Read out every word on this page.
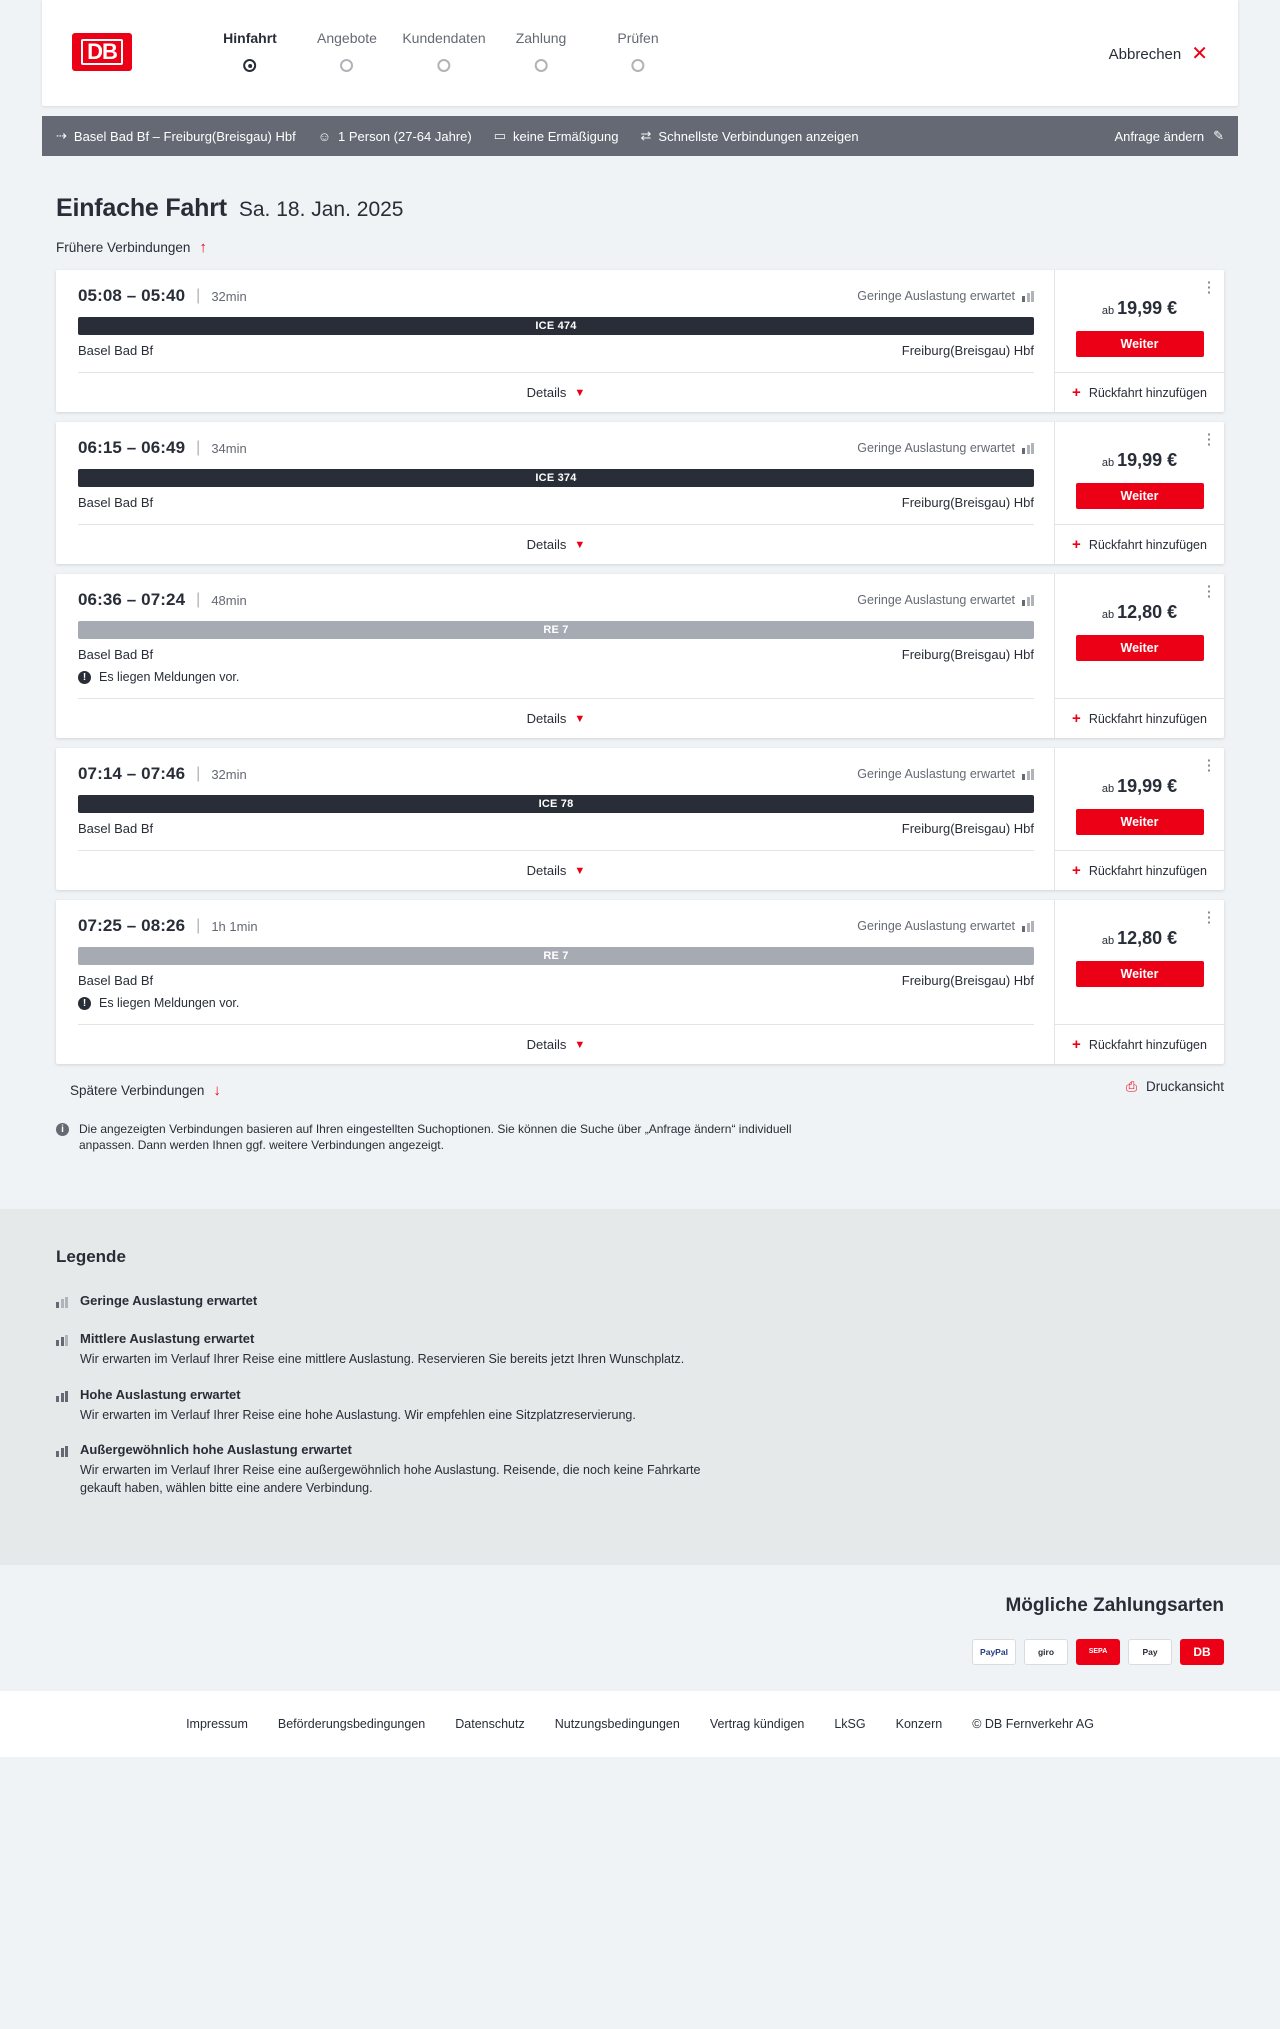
DB
Hinfahrt	Angebote Kundendaten Zahlung	Prüfen
Abbrechen ✕
⇢ Basel Bad Bf – Freiburg(Breisgau) Hbf ☺ 1 Person (27-64 Jahre) ▭ keine Ermäßigung ⇄ Schnellste Verbindungen anzeigen	Anfrage ändern ✎
Einfache Fahrt Sa. 18. Jan. 2025
Frühere Verbindungen ↑
05:08 – 05:40 | 32min	Geringe Auslastung erwartet
ICE 474
Basel Bad Bf	Freiburg(Breisgau) Hbf
Details ▼
⋮
ab 19,99 €
Weiter
+ Rückfahrt hinzufügen
06:15 – 06:49 | 34min	Geringe Auslastung erwartet
ICE 374
Basel Bad Bf	Freiburg(Breisgau) Hbf
Details ▼
⋮
ab 19,99 €
Weiter
+ Rückfahrt hinzufügen
06:36 – 07:24 | 48min	Geringe Auslastung erwartet
RE 7
Basel Bad Bf	Freiburg(Breisgau) Hbf
!	Es liegen Meldungen vor.
Details ▼
⋮
ab 12,80 €
Weiter
+ Rückfahrt hinzufügen
07:14 – 07:46 | 32min	Geringe Auslastung erwartet
ICE 78
Basel Bad Bf	Freiburg(Breisgau) Hbf
Details ▼
⋮
ab 19,99 €
Weiter
+ Rückfahrt hinzufügen
07:25 – 08:26 | 1h 1min	Geringe Auslastung erwartet
RE 7
Basel Bad Bf	Freiburg(Breisgau) Hbf
!	Es liegen Meldungen vor.
Details ▼
⋮
ab 12,80 €
Weiter
+ Rückfahrt hinzufügen
Spätere Verbindungen ↓	⎙ Druckansicht
i	Die angezeigten Verbindungen basieren auf Ihren eingestellten Suchoptionen. Sie können die Suche über „Anfrage ändern“ individuell anpassen. Dann werden Ihnen ggf. weitere Verbindungen angezeigt.
Legende
Geringe Auslastung erwartet
Mittlere Auslastung erwartet
Wir erwarten im Verlauf Ihrer Reise eine mittlere Auslastung. Reservieren Sie bereits jetzt Ihren Wunschplatz.
Hohe Auslastung erwartet
Wir erwarten im Verlauf Ihrer Reise eine hohe Auslastung. Wir empfehlen eine Sitzplatzreservierung.
Außergewöhnlich hohe Auslastung erwartet
Wir erwarten im Verlauf Ihrer Reise eine außergewöhnlich hohe Auslastung. Reisende, die noch keine Fahrkarte gekauft haben, wählen bitte eine andere Verbindung.
Mögliche Zahlungsarten
PayPal	giro	SEPA	Pay	DB
Impressum Beförderungsbedingungen Datenschutz Nutzungsbedingungen Vertrag kündigen LkSG Konzern © DB Fernverkehr AG
